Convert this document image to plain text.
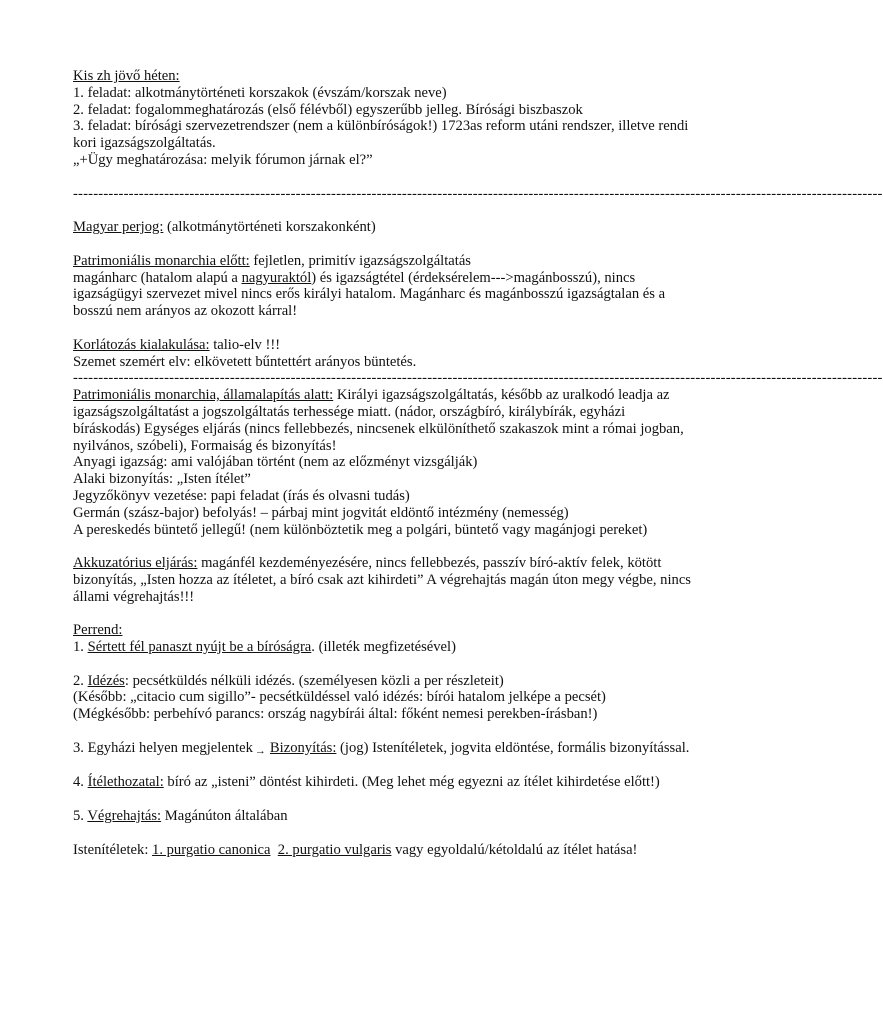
Kis zh jövő héten:

1. feladat: alkotmánytörténeti korszakok (évszám/korszak neve)

2. feladat: fogalommeghatározás (első félévből) egyszerűbb jelleg. Bírósági biszbaszok

3. feladat: bírósági szervezetrendszer (nem a különbíróságok!) 1723as reform utáni rendszer, illetve rendi kori igazságszolgáltatás.

„+Ügy meghatározása: melyik fórumon járnak el?”

----------------------------------------------------------------------------------------------------------------------------------------------------------------

Magyar perjog: (alkotmánytörténeti korszakonként)

Patrimoniális monarchia előtt: fejletlen, primitív igazságszolgáltatás

magánharc (hatalom alapú a nagyuraktól) és igazságtétel (érdeksérelem--->magánbosszú), nincs igazságügyi szervezet mivel nincs erős királyi hatalom. Magánharc és magánbosszú igazságtalan és a bosszú nem arányos az okozott kárral!

Korlátozás kialakulása: talio-elv !!!

Szemet szemért elv: elkövetett bűntettért arányos büntetés.

----------------------------------------------------------------------------------------------------------------------------------------------------------------

Patrimoniális monarchia, államalapítás alatt: Királyi igazságszolgáltatás, később az uralkodó leadja az igazságszolgáltatást a jogszolgáltatás terhessége miatt. (nádor, országbíró, királybírák, egyházi bíráskodás) Egységes eljárás (nincs fellebbezés, nincsenek elkülöníthető szakaszok mint a római jogban, nyilvános, szóbeli), Formaiság és bizonyítás!

Anyagi igazság: ami valójában történt (nem az előzményt vizsgálják)

Alaki bizonyítás: „Isten ítélet”

Jegyzőkönyv vezetése: papi feladat (írás és olvasni tudás)

Germán (szász-bajor) befolyás! – párbaj mint jogvitát eldöntő intézmény (nemesség)

A pereskedés büntető jellegű! (nem különböztetik meg a polgári, büntető vagy magánjogi pereket)

Akkuzatórius eljárás: magánfél kezdeményezésére, nincs fellebbezés, passzív bíró-aktív felek, kötött bizonyítás, „Isten hozza az ítéletet, a bíró csak azt kihirdeti” A végrehajtás magán úton megy végbe, nincs állami végrehajtás!!!

Perrend:

1. Sértett fél panaszt nyújt be a bíróságra. (illeték megfizetésével)

2. Idézés: pecsétküldés nélküli idézés. (személyesen közli a per részleteit)

(Később: „citacio cum sigillo”- pecsétküldéssel való idézés: bírói hatalom jelképe a pecsét)

(Mégkésőbb: perbehívó parancs: ország nagybírái által: főként nemesi perekben-írásban!)

3. Egyházi helyen megjelentek → Bizonyítás: (jog) Istenítéletek, jogvita eldöntése, formális bizonyítással.

4. Ítélethozatal: bíró az „isteni” döntést kihirdeti. (Meg lehet még egyezni az ítélet kihirdetése előtt!)

5. Végrehajtás: Magánúton általában

Istenítéletek: 1. purgatio canonica 2. purgatio vulgaris vagy egyoldalú/kétoldalú az ítélet hatása!
